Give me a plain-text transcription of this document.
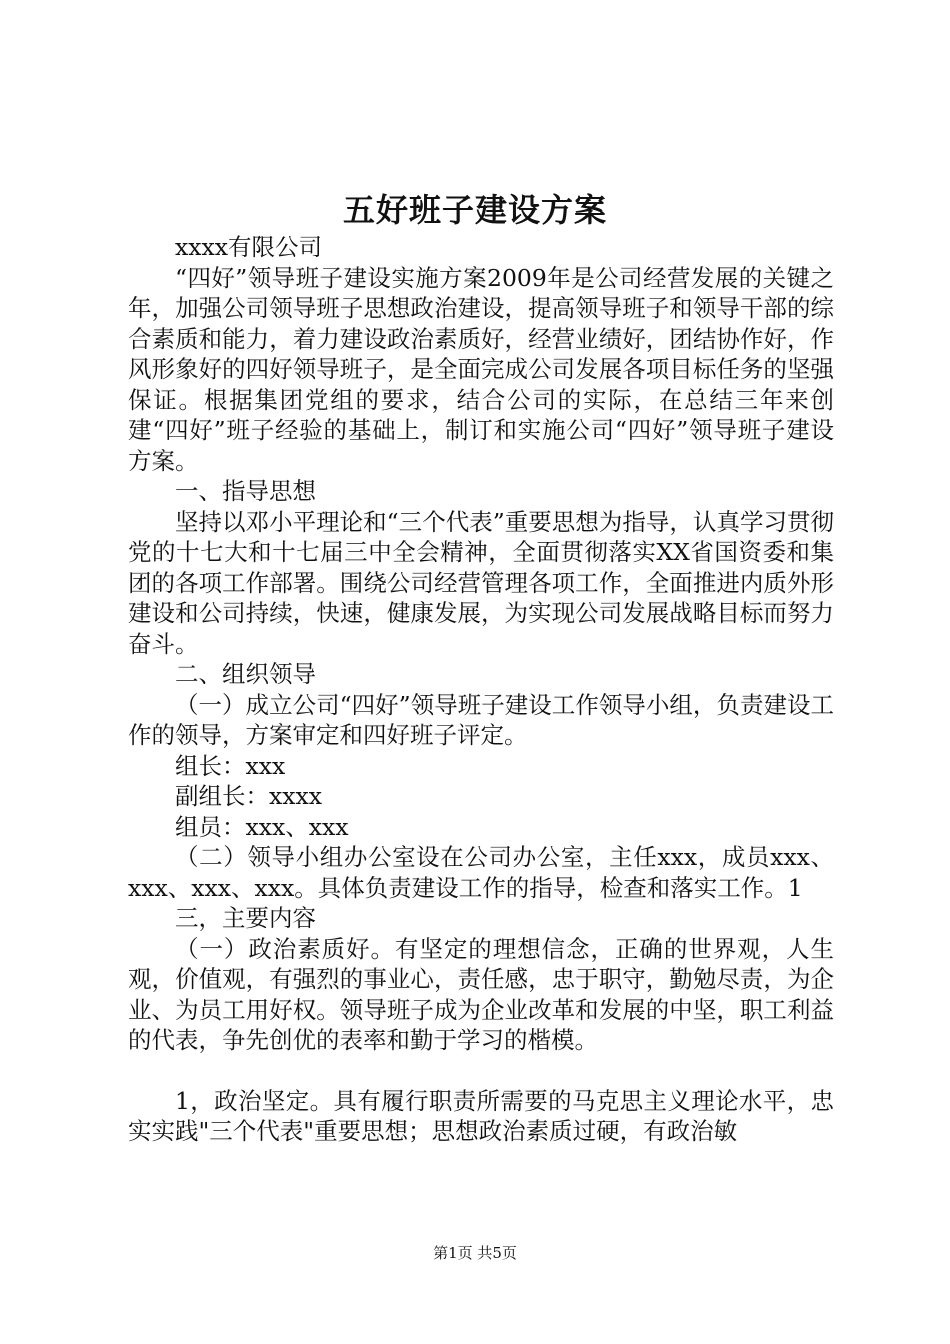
五好班子建设方案

xxxx有限公司

“四好”领导班子建设实施方案2009年是公司经营发展的关键之年，加强公司领导班子思想政治建设，提高领导班子和领导干部的综合素质和能力，着力建设政治素质好，经营业绩好，团结协作好，作风形象好的四好领导班子，是全面完成公司发展各项目标任务的坚强保证。根据集团党组的要求，结合公司的实际，在总结三年来创建“四好”班子经验的基础上，制订和实施公司“四好”领导班子建设方案。

一、指导思想

坚持以邓小平理论和“三个代表”重要思想为指导，认真学习贯彻党的十七大和十七届三中全会精神，全面贯彻落实XX省国资委和集团的各项工作部署。围绕公司经营管理各项工作，全面推进内质外形建设和公司持续，快速，健康发展，为实现公司发展战略目标而努力奋斗。

二、组织领导

（一）成立公司“四好”领导班子建设工作领导小组，负责建设工作的领导，方案审定和四好班子评定。

组长：xxx

副组长：xxxx

组员：xxx、xxx

（二）领导小组办公室设在公司办公室，主任xxx，成员xxx、xxx、xxx、xxx。具体负责建设工作的指导，检查和落实工作。1

三，主要内容

（一）政治素质好。有坚定的理想信念，正确的世界观，人生观，价值观，有强烈的事业心，责任感，忠于职守，勤勉尽责，为企业、为员工用好权。领导班子成为企业改革和发展的中坚，职工利益的代表，争先创优的表率和勤于学习的楷模。

1，政治坚定。具有履行职责所需要的马克思主义理论水平，忠实实践"三个代表"重要思想；思想政治素质过硬，有政治敏

第1页 共5页
